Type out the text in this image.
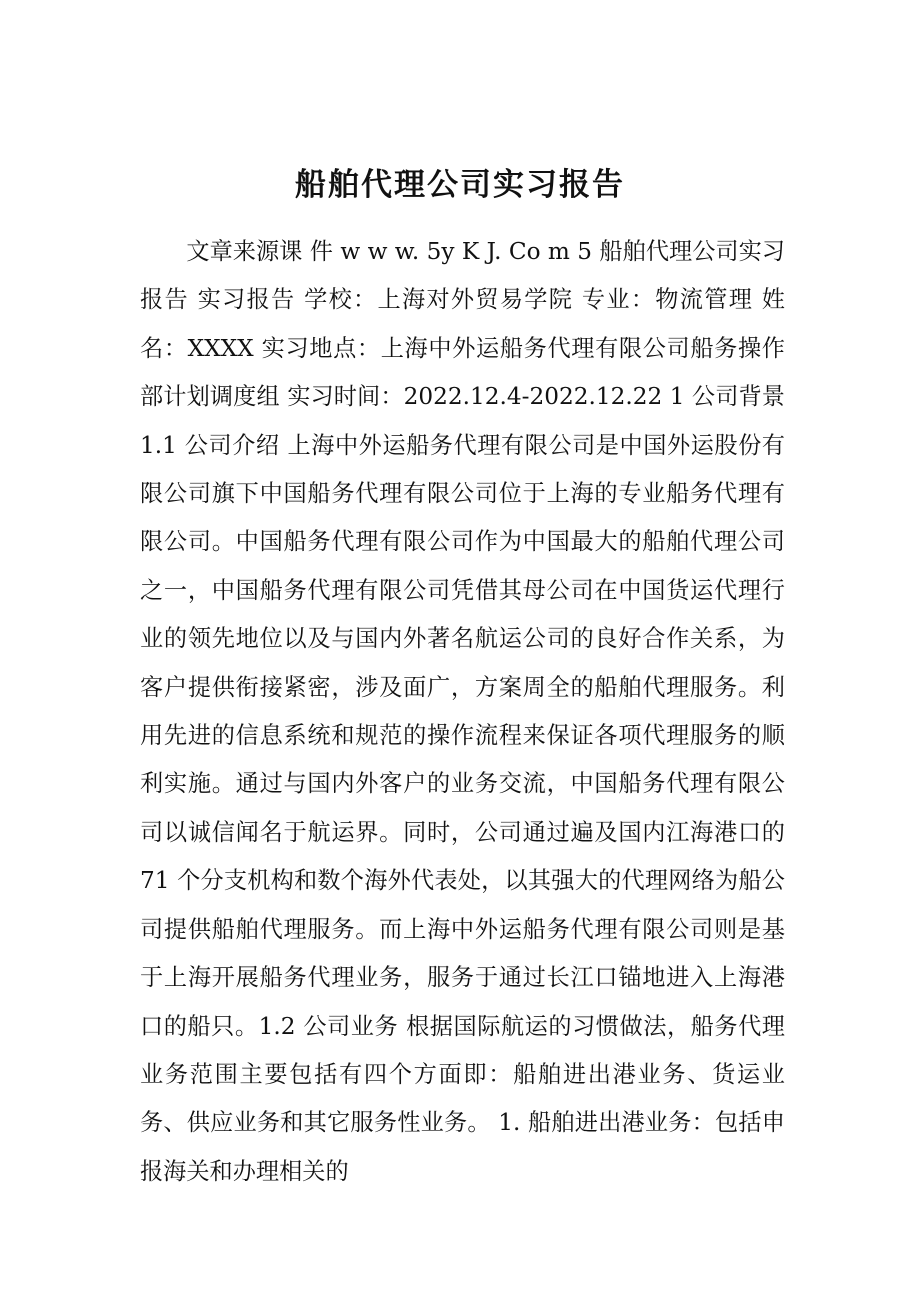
船舶代理公司实习报告

文章来源课 件 w w w. 5y K J. Co m 5 船舶代理公司实习报告 实习报告 学校：上海对外贸易学院 专业：物流管理 姓名：XXXX 实习地点：上海中外运船务代理有限公司船务操作部计划调度组 实习时间：2022.12.4-2022.12.22 1 公司背景 1.1 公司介绍 上海中外运船务代理有限公司是中国外运股份有限公司旗下中国船务代理有限公司位于上海的专业船务代理有限公司。中国船务代理有限公司作为中国最大的船舶代理公司之一，中国船务代理有限公司凭借其母公司在中国货运代理行业的领先地位以及与国内外著名航运公司的良好合作关系，为客户提供衔接紧密，涉及面广，方案周全的船舶代理服务。利用先进的信息系统和规范的操作流程来保证各项代理服务的顺利实施。通过与国内外客户的业务交流，中国船务代理有限公司以诚信闻名于航运界。同时，公司通过遍及国内江海港口的 71 个分支机构和数个海外代表处，以其强大的代理网络为船公司提供船舶代理服务。而上海中外运船务代理有限公司则是基于上海开展船务代理业务，服务于通过长江口锚地进入上海港口的船只。1.2 公司业务 根据国际航运的习惯做法，船务代理业务范围主要包括有四个方面即：船舶进出港业务、货运业务、供应业务和其它服务性业务。 1. 船舶进出港业务：包括申报海关和办理相关的
